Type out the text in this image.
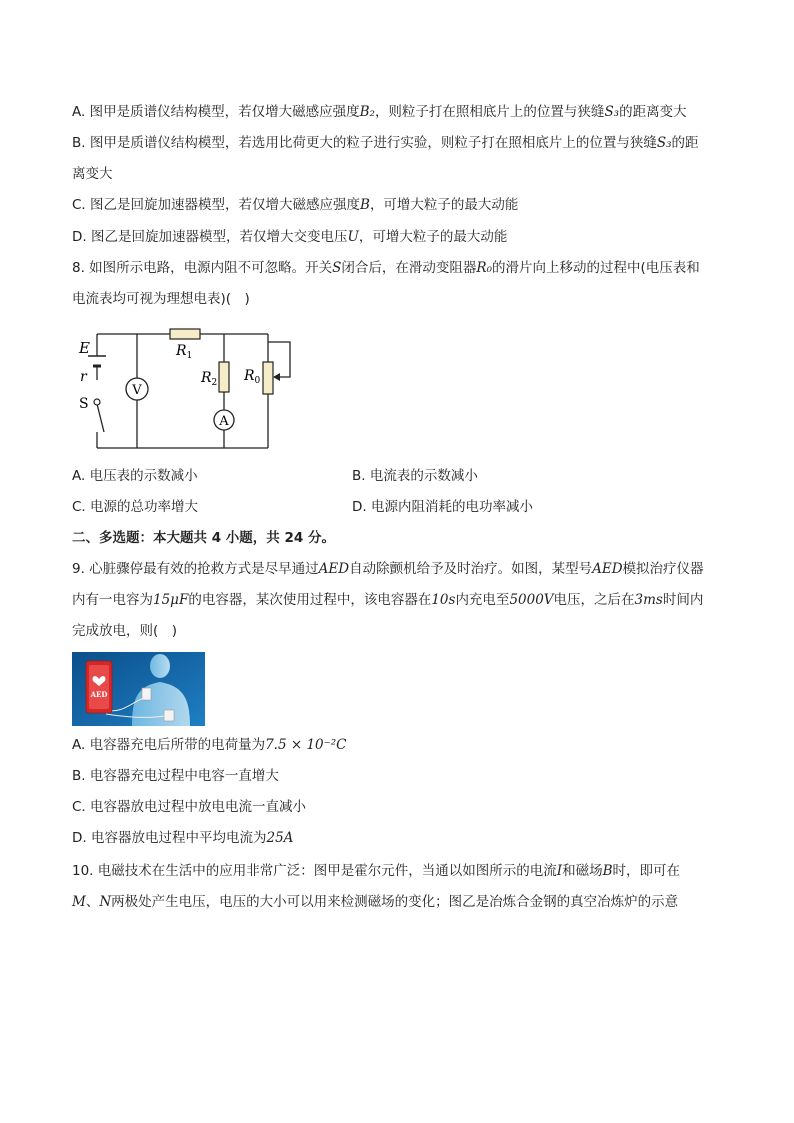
A. 图甲是质谱仪结构模型，若仅增大磁感应强度B₂，则粒子打在照相底片上的位置与狭缝S₃的距离变大
B. 图甲是质谱仪结构模型，若选用比荷更大的粒子进行实验，则粒子打在照相底片上的位置与狭缝S₃的距
离变大
C. 图乙是回旋加速器模型，若仅增大磁感应强度B，可增大粒子的最大动能
D. 图乙是回旋加速器模型，若仅增大交变电压U，可增大粒子的最大动能
8. 如图所示电路，电源内阻不可忽略。开关S闭合后，在滑动变阻器R₀的滑片向上移动的过程中(电压表和
电流表均可视为理想电表)(　)
V
A
E
r
S
$R_1$
$R_2$ $R_0$
A. 电压表的示数减小	B. 电流表的示数减小
C. 电源的总功率增大	D. 电源内阻消耗的电功率减小
二、多选题：本大题共 4 小题，共 24 分。
9. 心脏骤停最有效的抢救方式是尽早通过AED自动除颤机给予及时治疗。如图，某型号AED模拟治疗仪器
内有一电容为15μF的电容器，某次使用过程中，该电容器在10s内充电至5000V电压，之后在3ms时间内
完成放电，则(　)
AED
A. 电容器充电后所带的电荷量为7.5 × 10⁻²C
B. 电容器充电过程中电容一直增大
C. 电容器放电过程中放电电流一直减小
D. 电容器放电过程中平均电流为25A
10. 电磁技术在生活中的应用非常广泛：图甲是霍尔元件，当通以如图所示的电流I和磁场B时，即可在
M、N两极处产生电压，电压的大小可以用来检测磁场的变化；图乙是冶炼合金钢的真空冶炼炉的示意
